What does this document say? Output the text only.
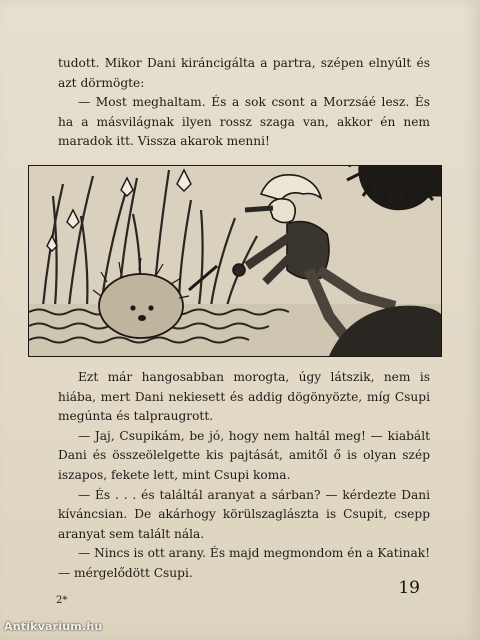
tudott. Mikor Dani kiráncigálta a partra, szépen elnyúlt és azt dörmögte:

— Most meghaltam. És a sok csont a Morzsáé lesz. És ha a másvilágnak ilyen rossz szaga van, akkor én nem maradok itt. Vissza akarok menni!

Ezt már hangosabban morogta, úgy látszik, nem is hiába, mert Dani nekiesett és addig dögönyözte, míg Csupi megúnta és talpraugrott.

— Jaj, Csupikám, be jó, hogy nem haltál meg! — kiabált Dani és összeölelgette kis pajtását, amitől ő is olyan szép iszapos, fekete lett, mint Csupi koma.

— És . . . és találtál aranyat a sárban? — kérdezte Dani kíváncsian. De akárhogy körülszaglászta is Csupit, csepp aranyat sem talált nála.

— Nincs is ott arany. És majd megmondom én a Katinak! — mérgelődött Csupi.

19
2*
Antikvarium.hu
